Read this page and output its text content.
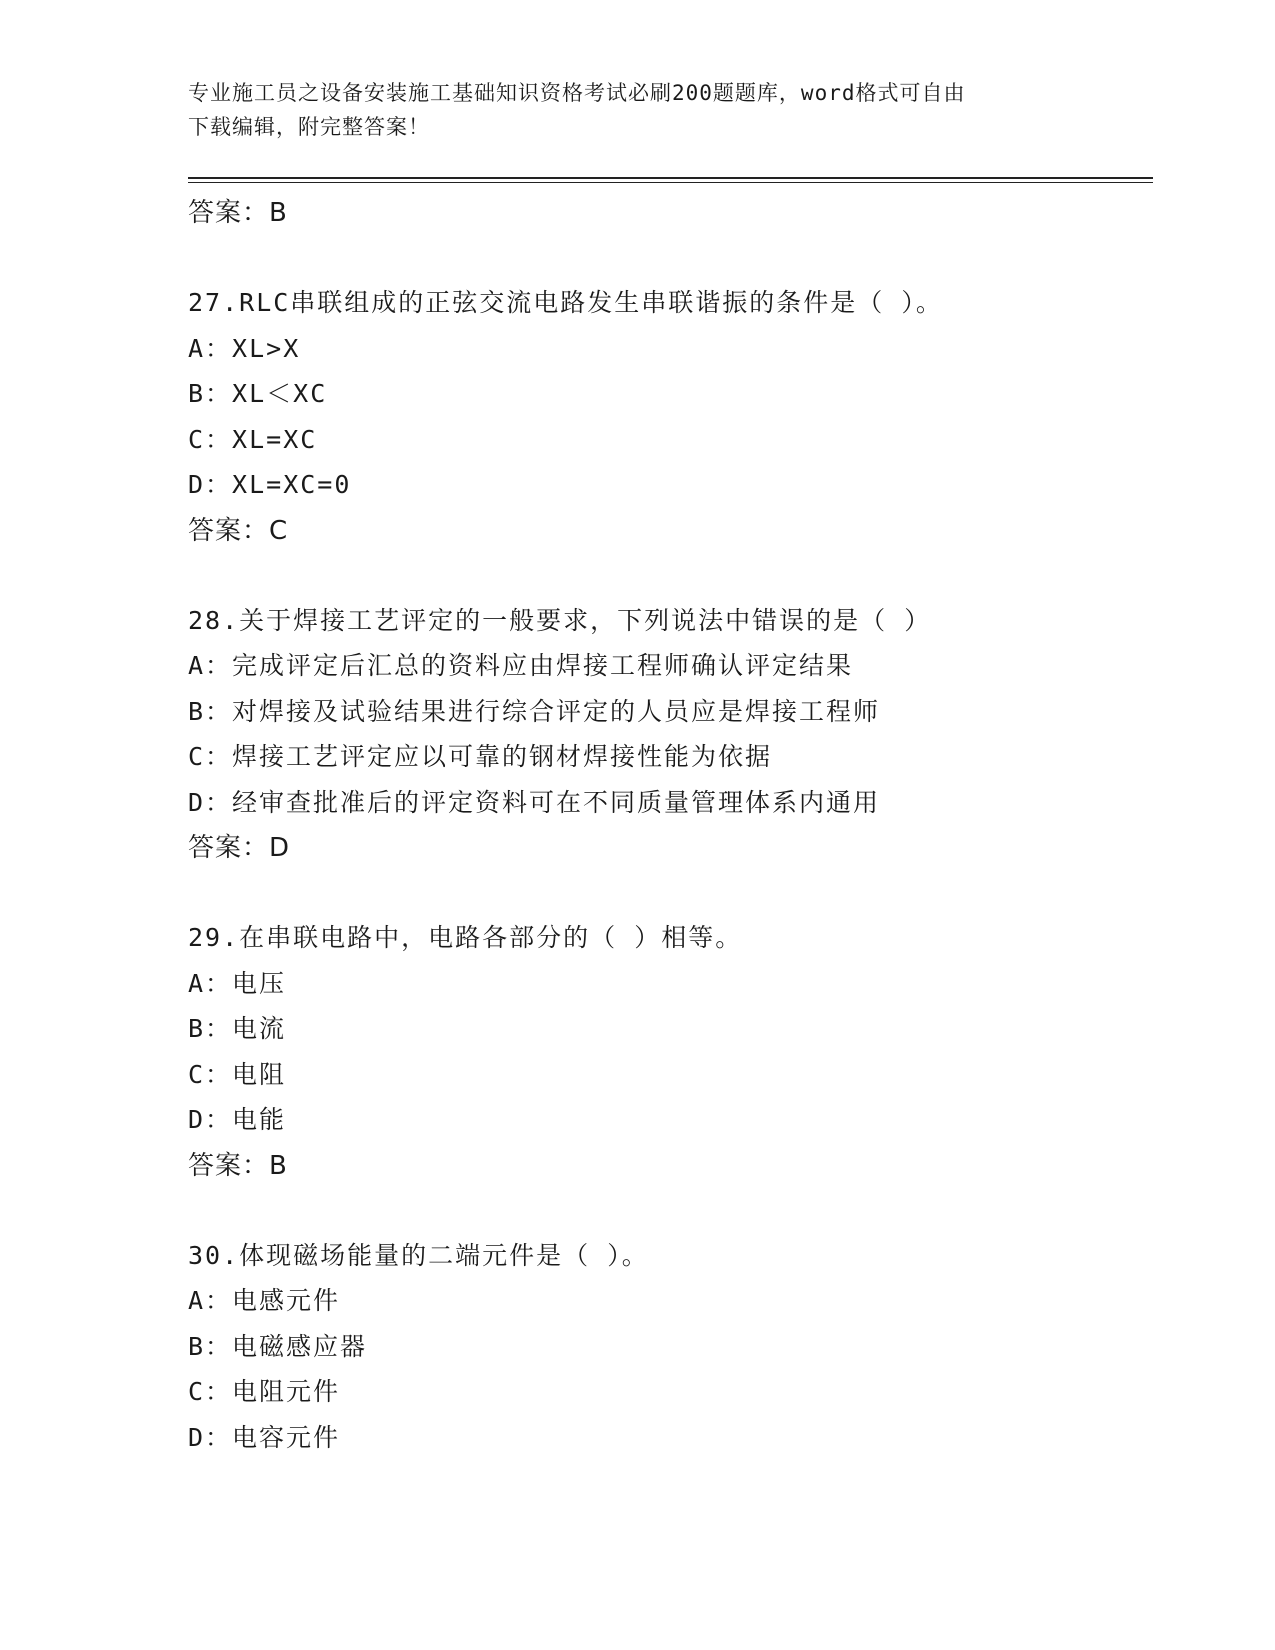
专业施工员之设备安装施工基础知识资格考试必刷200题题库，word格式可自由
下载编辑，附完整答案！
答案：B
27.RLC串联组成的正弦交流电路发生串联谐振的条件是（ ）。
A：XL>X
B：XL＜XC
C：XL=XC
D：XL=XC=0
答案：C
28.关于焊接工艺评定的一般要求，下列说法中错误的是（ ）
A：完成评定后汇总的资料应由焊接工程师确认评定结果
B：对焊接及试验结果进行综合评定的人员应是焊接工程师
C：焊接工艺评定应以可靠的钢材焊接性能为依据
D：经审查批准后的评定资料可在不同质量管理体系内通用
答案：D
29.在串联电路中，电路各部分的（ ）相等。
A：电压
B：电流
C：电阻
D：电能
答案：B
30.体现磁场能量的二端元件是（ ）。
A：电感元件
B：电磁感应器
C：电阻元件
D：电容元件
